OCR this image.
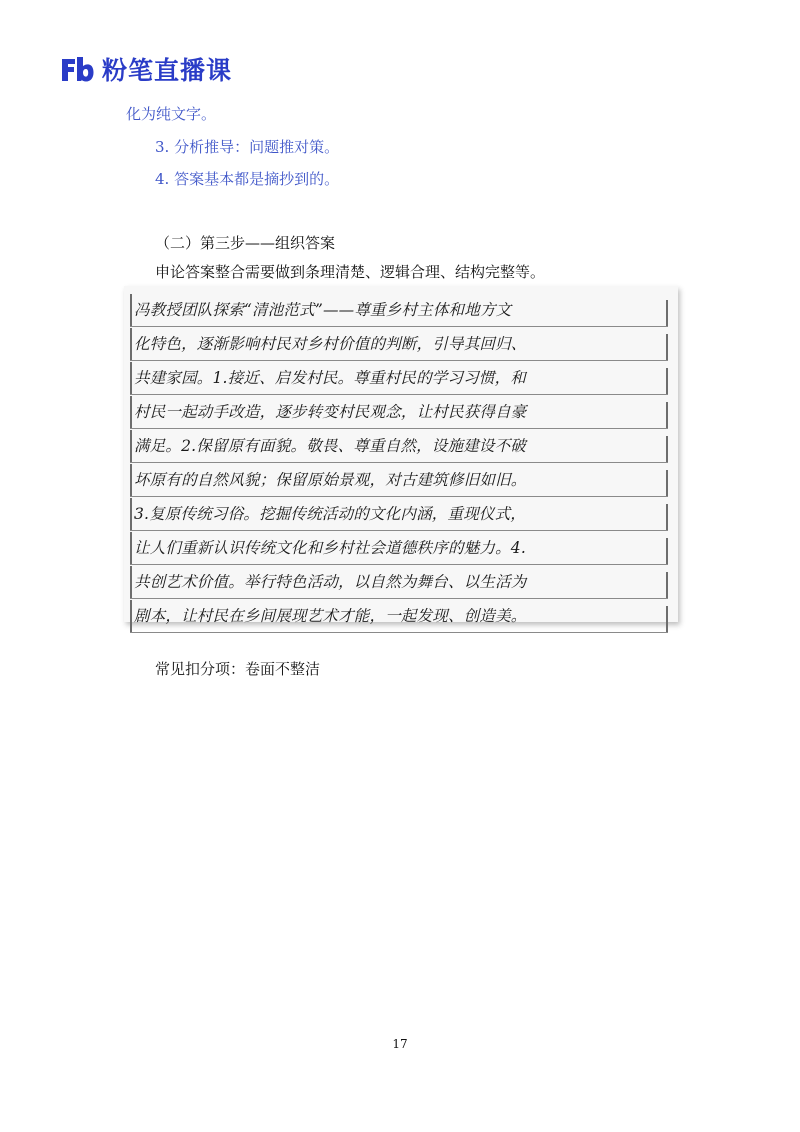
粉笔直播课
化为纯文字。
3. 分析推导：问题推对策。
4. 答案基本都是摘抄到的。
（二）第三步——组织答案
申论答案整合需要做到条理清楚、逻辑合理、结构完整等。
冯教授团队探索“清池范式”——尊重乡村主体和地方文
化特色，逐渐影响村民对乡村价值的判断，引导其回归、
共建家园。1.接近、启发村民。尊重村民的学习习惯，和
村民一起动手改造，逐步转变村民观念，让村民获得自豪
满足。2.保留原有面貌。敬畏、尊重自然，设施建设不破
坏原有的自然风貌；保留原始景观，对古建筑修旧如旧。
3.复原传统习俗。挖掘传统活动的文化内涵，重现仪式，
让人们重新认识传统文化和乡村社会道德秩序的魅力。4.
共创艺术价值。举行特色活动，以自然为舞台、以生活为
剧本，让村民在乡间展现艺术才能，一起发现、创造美。
常见扣分项：卷面不整洁
17
